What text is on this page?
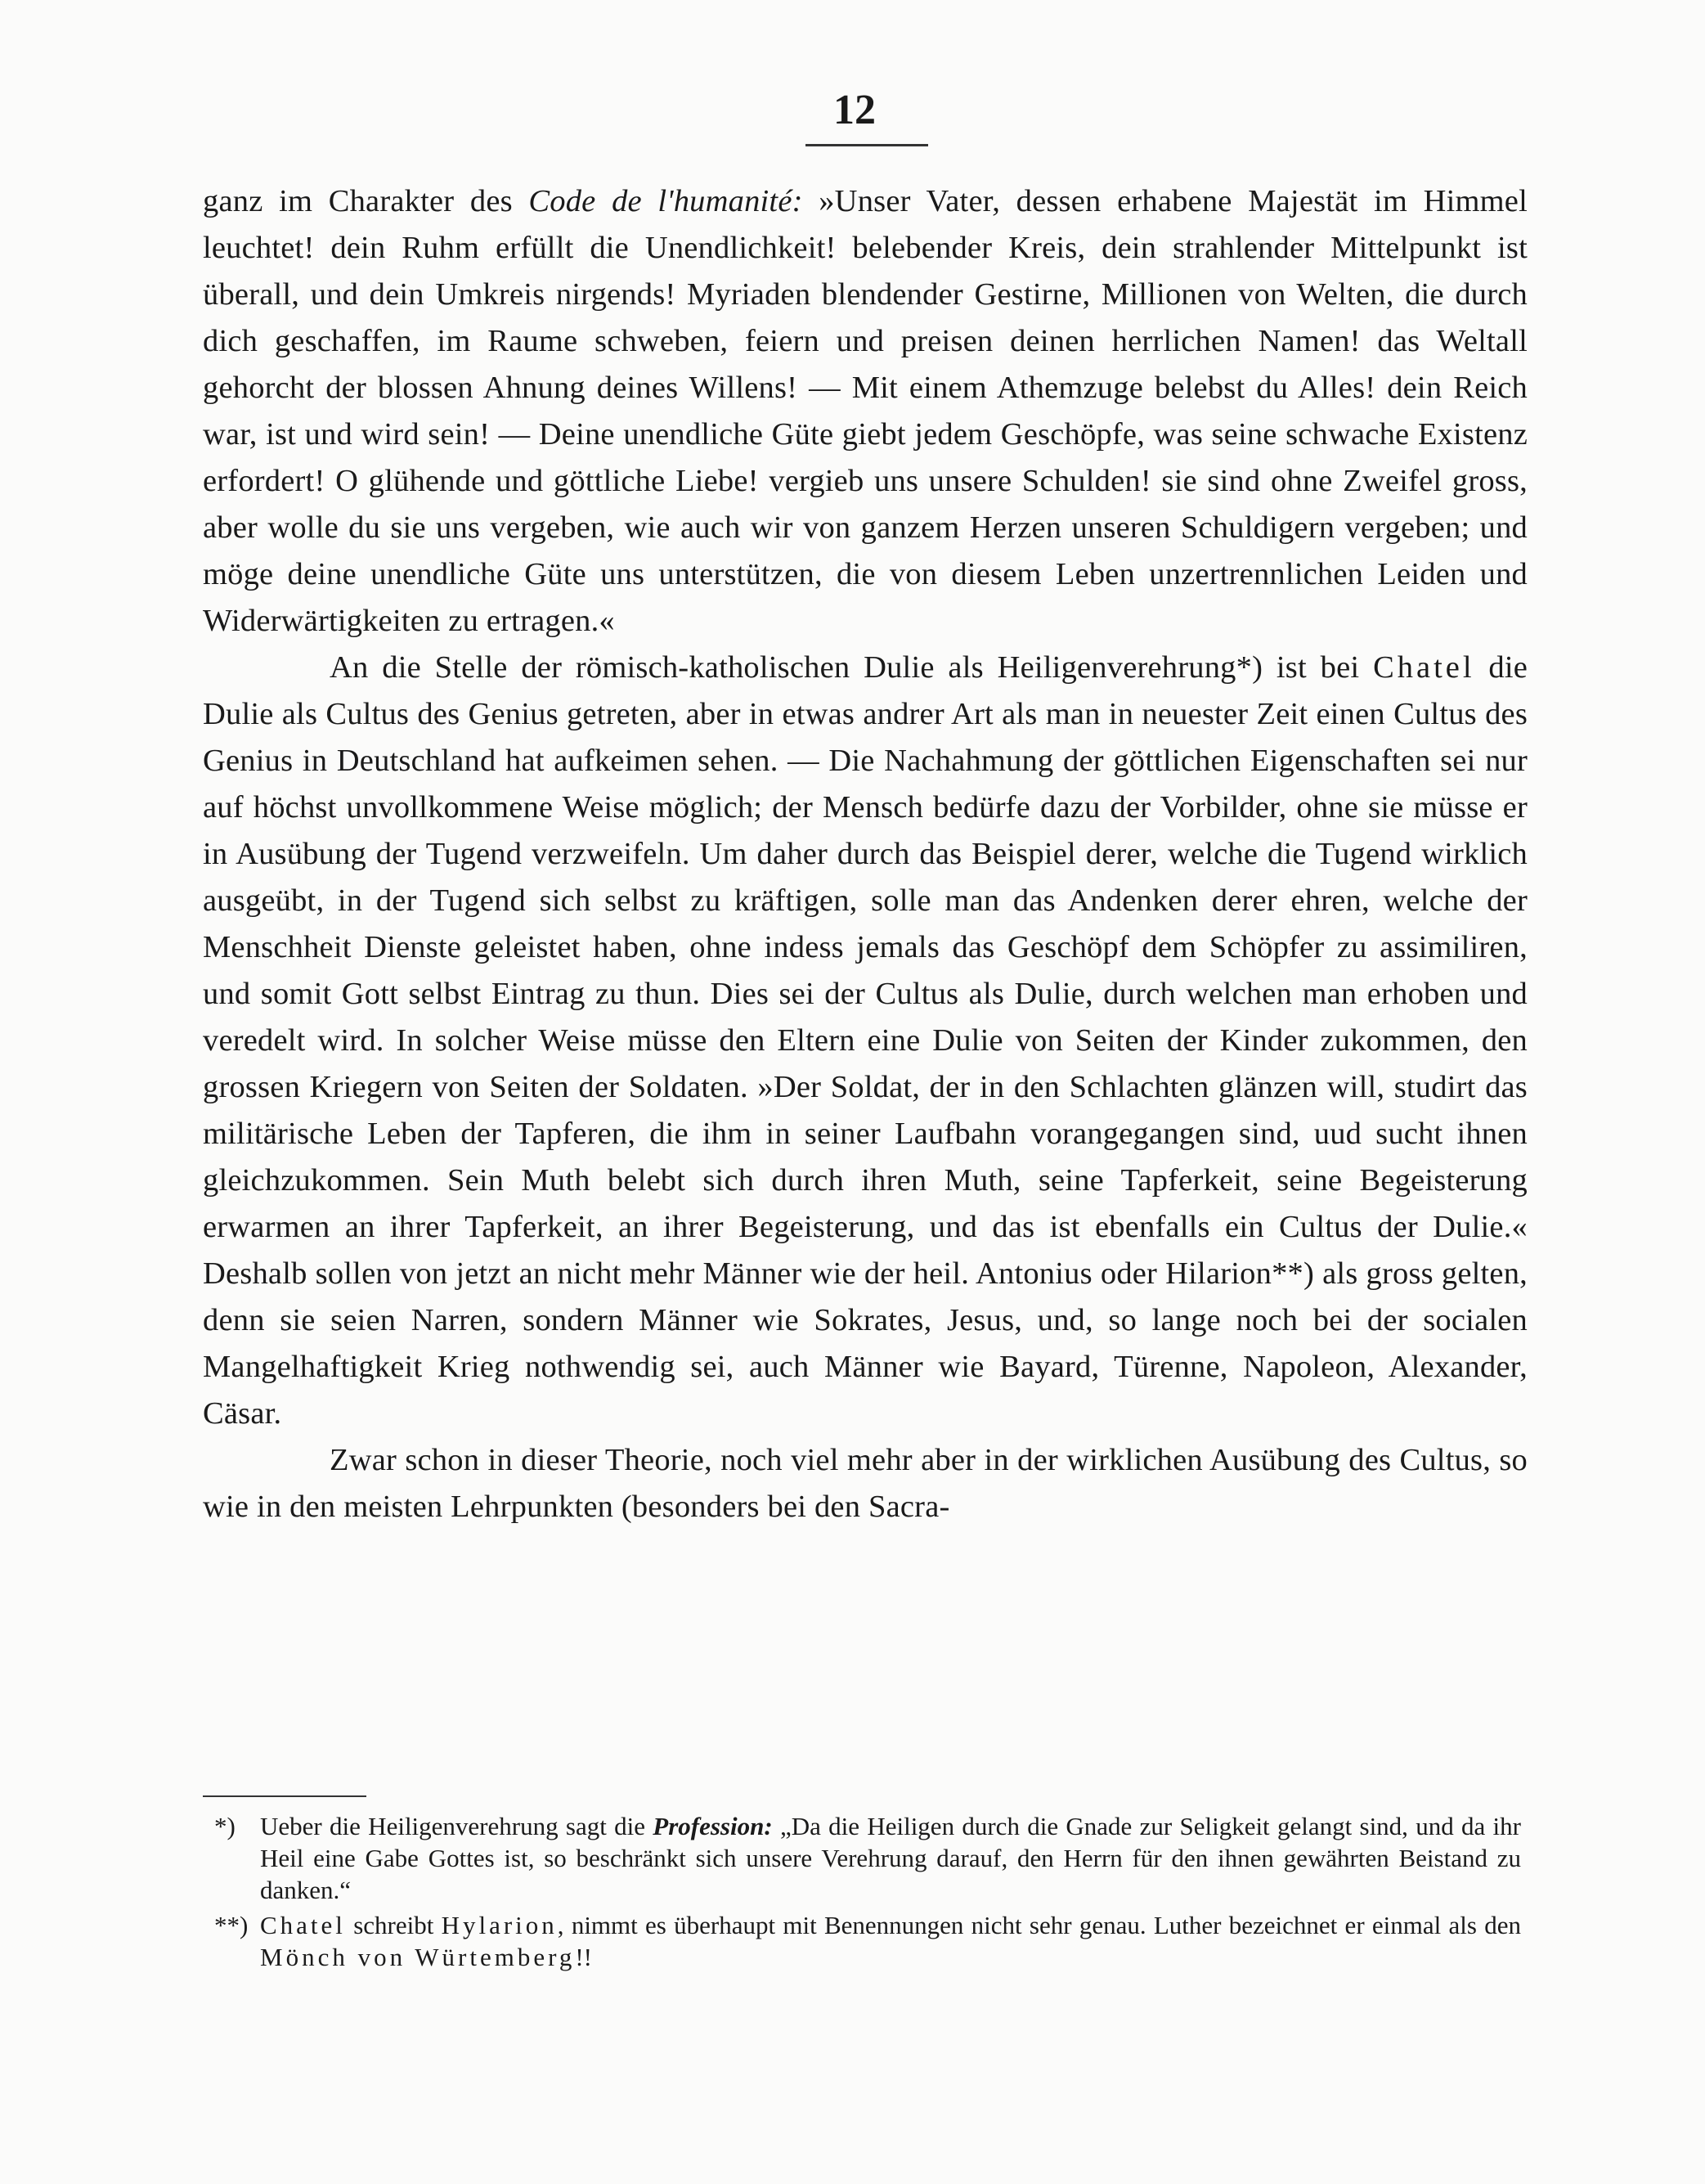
12

ganz im Charakter des Code de l'humanité: »Unser Vater, dessen erhabene Majestät im Himmel leuchtet! dein Ruhm erfüllt die Unendlichkeit! belebender Kreis, dein strahlender Mittelpunkt ist überall, und dein Umkreis nirgends! Myriaden blendender Gestirne, Millionen von Welten, die durch dich geschaffen, im Raume schweben, feiern und preisen deinen herrlichen Namen! das Weltall gehorcht der blossen Ahnung deines Willens! — Mit einem Athemzuge belebst du Alles! dein Reich war, ist und wird sein! — Deine unendliche Güte giebt jedem Geschöpfe, was seine schwache Existenz erfordert! O glühende und göttliche Liebe! vergieb uns unsere Schulden! sie sind ohne Zweifel gross, aber wolle du sie uns vergeben, wie auch wir von ganzem Herzen unseren Schuldigern vergeben; und möge deine unendliche Güte uns unterstützen, die von diesem Leben unzertrennlichen Leiden und Widerwärtigkeiten zu ertragen.«

An die Stelle der römisch-katholischen Dulie als Heiligenverehrung*) ist bei Chatel die Dulie als Cultus des Genius getreten, aber in etwas andrer Art als man in neuester Zeit einen Cultus des Genius in Deutschland hat aufkeimen sehen. — Die Nachahmung der göttlichen Eigenschaften sei nur auf höchst unvollkommene Weise möglich; der Mensch bedürfe dazu der Vorbilder, ohne sie müsse er in Ausübung der Tugend verzweifeln. Um daher durch das Beispiel derer, welche die Tugend wirklich ausgeübt, in der Tugend sich selbst zu kräftigen, solle man das Andenken derer ehren, welche der Menschheit Dienste geleistet haben, ohne indess jemals das Geschöpf dem Schöpfer zu assimiliren, und somit Gott selbst Eintrag zu thun. Dies sei der Cultus als Dulie, durch welchen man erhoben und veredelt wird. In solcher Weise müsse den Eltern eine Dulie von Seiten der Kinder zukommen, den grossen Kriegern von Seiten der Soldaten. »Der Soldat, der in den Schlachten glänzen will, studirt das militärische Leben der Tapferen, die ihm in seiner Laufbahn vorangegangen sind, uud sucht ihnen gleichzukommen. Sein Muth belebt sich durch ihren Muth, seine Tapferkeit, seine Begeisterung erwarmen an ihrer Tapferkeit, an ihrer Begeisterung, und das ist ebenfalls ein Cultus der Dulie.« Deshalb sollen von jetzt an nicht mehr Männer wie der heil. Antonius oder Hilarion**) als gross gelten, denn sie seien Narren, sondern Männer wie Sokrates, Jesus, und, so lange noch bei der socialen Mangelhaftigkeit Krieg nothwendig sei, auch Männer wie Bayard, Türenne, Napoleon, Alexander, Cäsar.

Zwar schon in dieser Theorie, noch viel mehr aber in der wirklichen Ausübung des Cultus, so wie in den meisten Lehrpunkten (besonders bei den Sacra-

*) Ueber die Heiligenverehrung sagt die Profession: „Da die Heiligen durch die Gnade zur Seligkeit gelangt sind, und da ihr Heil eine Gabe Gottes ist, so beschränkt sich unsere Verehrung darauf, den Herrn für den ihnen gewährten Beistand zu danken.“
**) Chatel schreibt Hylarion, nimmt es überhaupt mit Benennungen nicht sehr genau. Luther bezeichnet er einmal als den Mönch von Würtemberg!!
